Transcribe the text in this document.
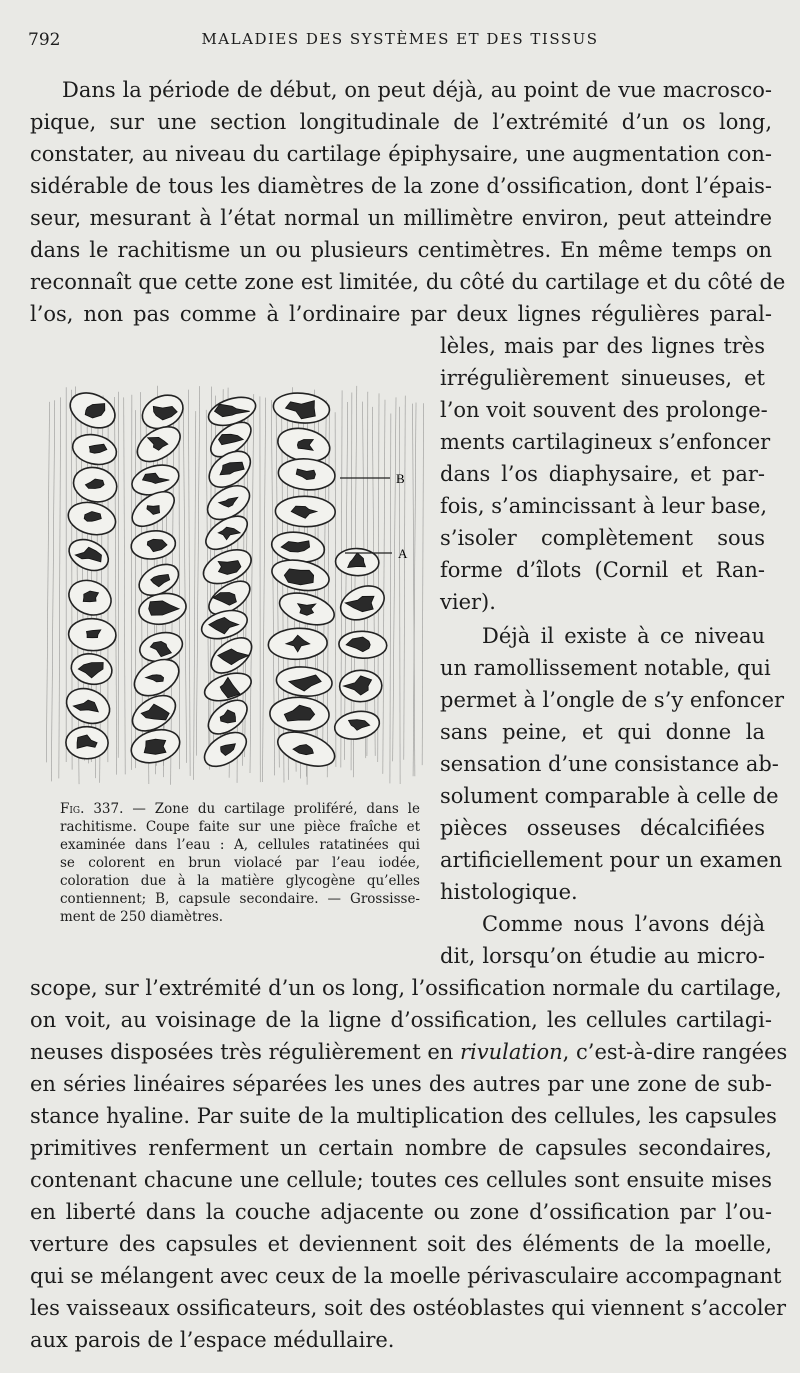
792	MALADIES DES SYSTÈMES ET DES TISSUS
Dans la période de début, on peut déjà, au point de vue macrosco-
pique, sur une section longitudinale de l’extrémité d’un os long,
constater, au niveau du cartilage épiphysaire, une augmentation con-
sidérable de tous les diamètres de la zone d’ossification, dont l’épais-
seur, mesurant à l’état normal un millimètre environ, peut atteindre
dans le rachitisme un ou plusieurs centimètres. En même temps on
reconnaît que cette zone est limitée, du côté du cartilage et du côté de
l’os, non pas comme à l’ordinaire par deux lignes régulières paral-
lèles, mais par des lignes très
irrégulièrement sinueuses, et
l’on voit souvent des prolonge-
ments cartilagineux s’enfoncer
dans l’os diaphysaire, et par-
fois, s’amincissant à leur base,
s’isoler complètement sous
forme d’îlots (Cornil et Ran-
vier).
Déjà il existe à ce niveau
un ramollissement notable, qui
permet à l’ongle de s’y enfoncer
sans peine, et qui donne la
sensation d’une consistance ab-
solument comparable à celle de
pièces osseuses décalcifiées
artificiellement pour un examen
histologique.
Comme nous l’avons déjà
dit, lorsqu’on étudie au micro-
scope, sur l’extrémité d’un os long, l’ossification normale du cartilage,
on voit, au voisinage de la ligne d’ossification, les cellules cartilagi-
neuses disposées très régulièrement en rivulation, c’est-à-dire rangées
en séries linéaires séparées les unes des autres par une zone de sub-
stance hyaline. Par suite de la multiplication des cellules, les capsules
primitives renferment un certain nombre de capsules secondaires,
contenant chacune une cellule; toutes ces cellules sont ensuite mises
en liberté dans la couche adjacente ou zone d’ossification par l’ou-
verture des capsules et deviennent soit des éléments de la moelle,
qui se mélangent avec ceux de la moelle périvasculaire accompagnant
les vaisseaux ossificateurs, soit des ostéoblastes qui viennent s’accoler
aux parois de l’espace médullaire.
B
A
Fig. 337. — Zone du cartilage proliféré, dans le
rachitisme. Coupe faite sur une pièce fraîche et
examinée dans l’eau : A, cellules ratatinées qui
se colorent en brun violacé par l’eau iodée,
coloration due à la matière glycogène qu’elles
contiennent; B, capsule secondaire. — Grossisse-
ment de 250 diamètres.
